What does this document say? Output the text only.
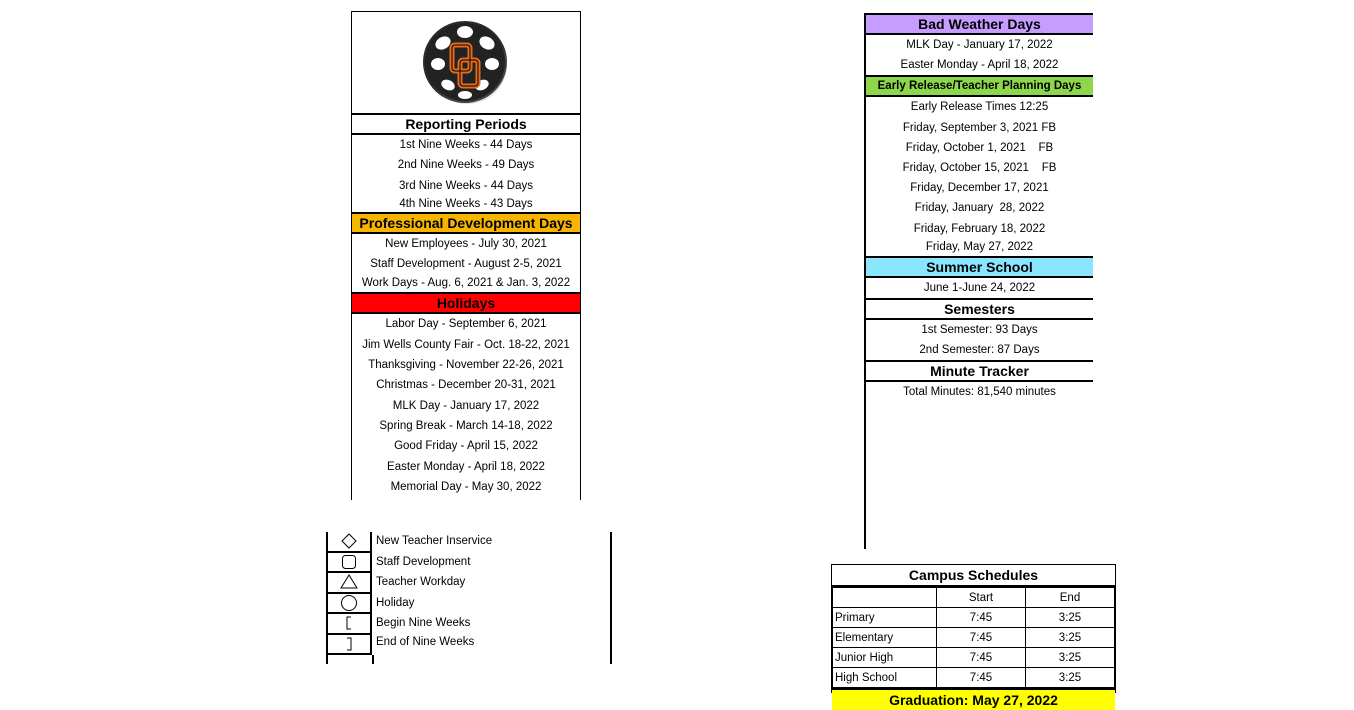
Reporting Periods
1st Nine Weeks - 44 Days
2nd Nine Weeks - 49 Days
3rd Nine Weeks - 44 Days
4th Nine Weeks - 43 Days
Professional Development Days
New Employees - July 30, 2021
Staff Development - August 2-5, 2021
Work Days - Aug. 6, 2021 & Jan. 3, 2022
Holidays
Labor Day - September 6, 2021
Jim Wells County Fair - Oct. 18-22, 2021
Thanksgiving - November 22-26, 2021
Christmas - December 20-31, 2021
MLK Day - January 17, 2022
Spring Break - March 14-18, 2022
Good Friday - April 15, 2022
Easter Monday - April 18, 2022
Memorial Day - May 30, 2022
Bad Weather Days
MLK Day - January 17, 2022
Easter Monday - April 18, 2022
Early Release/Teacher Planning Days
Early Release Times 12:25
Friday, September 3, 2021 FB
Friday, October 1, 2021    FB
Friday, October 15, 2021    FB
Friday, December 17, 2021
Friday, January  28, 2022
Friday, February 18, 2022
Friday, May 27, 2022
Summer School
June 1-June 24, 2022
Semesters
1st Semester: 93 Days
2nd Semester: 87 Days
Minute Tracker
Total Minutes: 81,540 minutes
New Teacher Inservice
Staff Development
Teacher Workday
Holiday
Begin Nine Weeks
End of Nine Weeks
Campus Schedules
	Start	End
Primary	7:45	3:25
Elementary	7:45	3:25
Junior High	7:45	3:25
High School	7:45	3:25
Graduation: May 27, 2022
